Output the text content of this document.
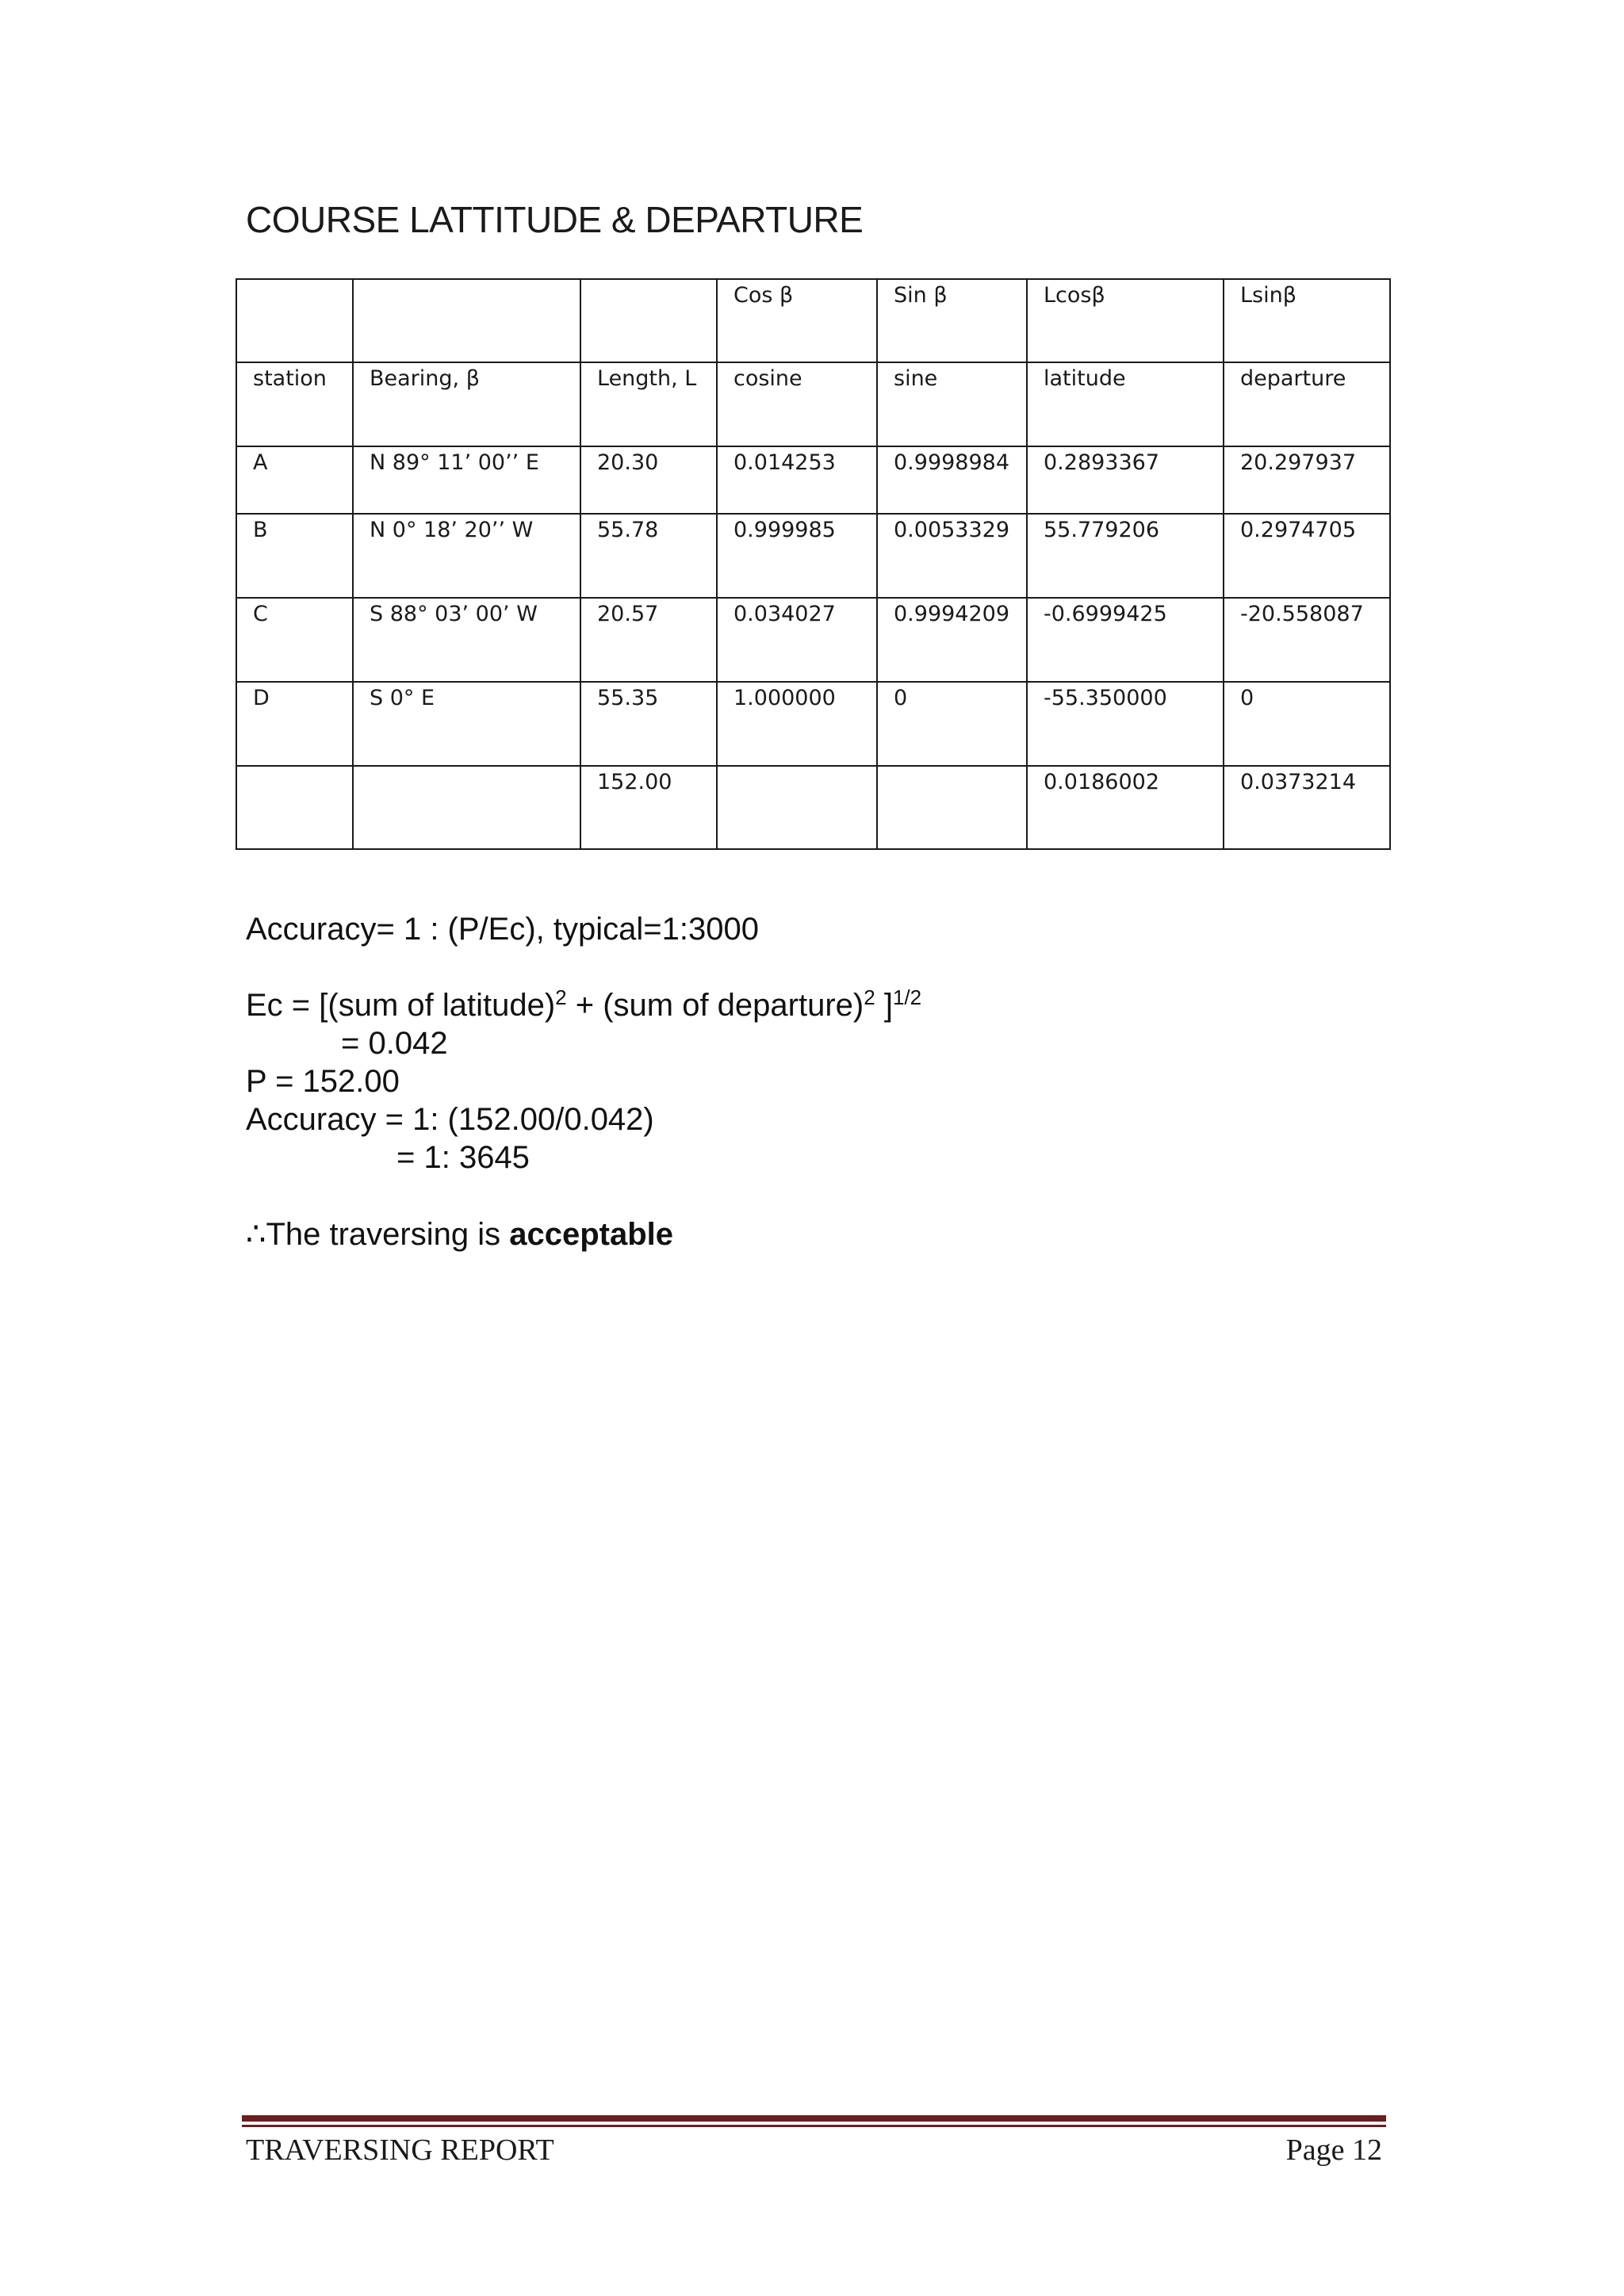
COURSE LATTITUDE & DEPARTURE
			Cos β	Sin β	Lcosβ	Lsinβ
station	Bearing, β	Length, L	cosine	sine	latitude	departure
A	N 89° 11’ 00’’ E	20.30	0.014253	0.9998984	0.2893367	20.297937
B	N 0° 18’ 20’’ W	55.78	0.999985	0.0053329	55.779206	0.2974705
C	S 88° 03’ 00’ W	20.57	0.034027	0.9994209	-0.6999425	-20.558087
D	S 0° E	55.35	1.000000	0	-55.350000	0
		152.00			0.0186002	0.0373214
Accuracy= 1 : (P/Ec), typical=1:3000
Ec = [(sum of latitude)$^2$ + (sum of departure)$^2$ ]$^{1/2}$
= 0.042
P = 152.00
Accuracy = 1: (152.00/0.042)
= 1: 3645
∴The traversing is acceptable
TRAVERSING REPORT	Page 12
